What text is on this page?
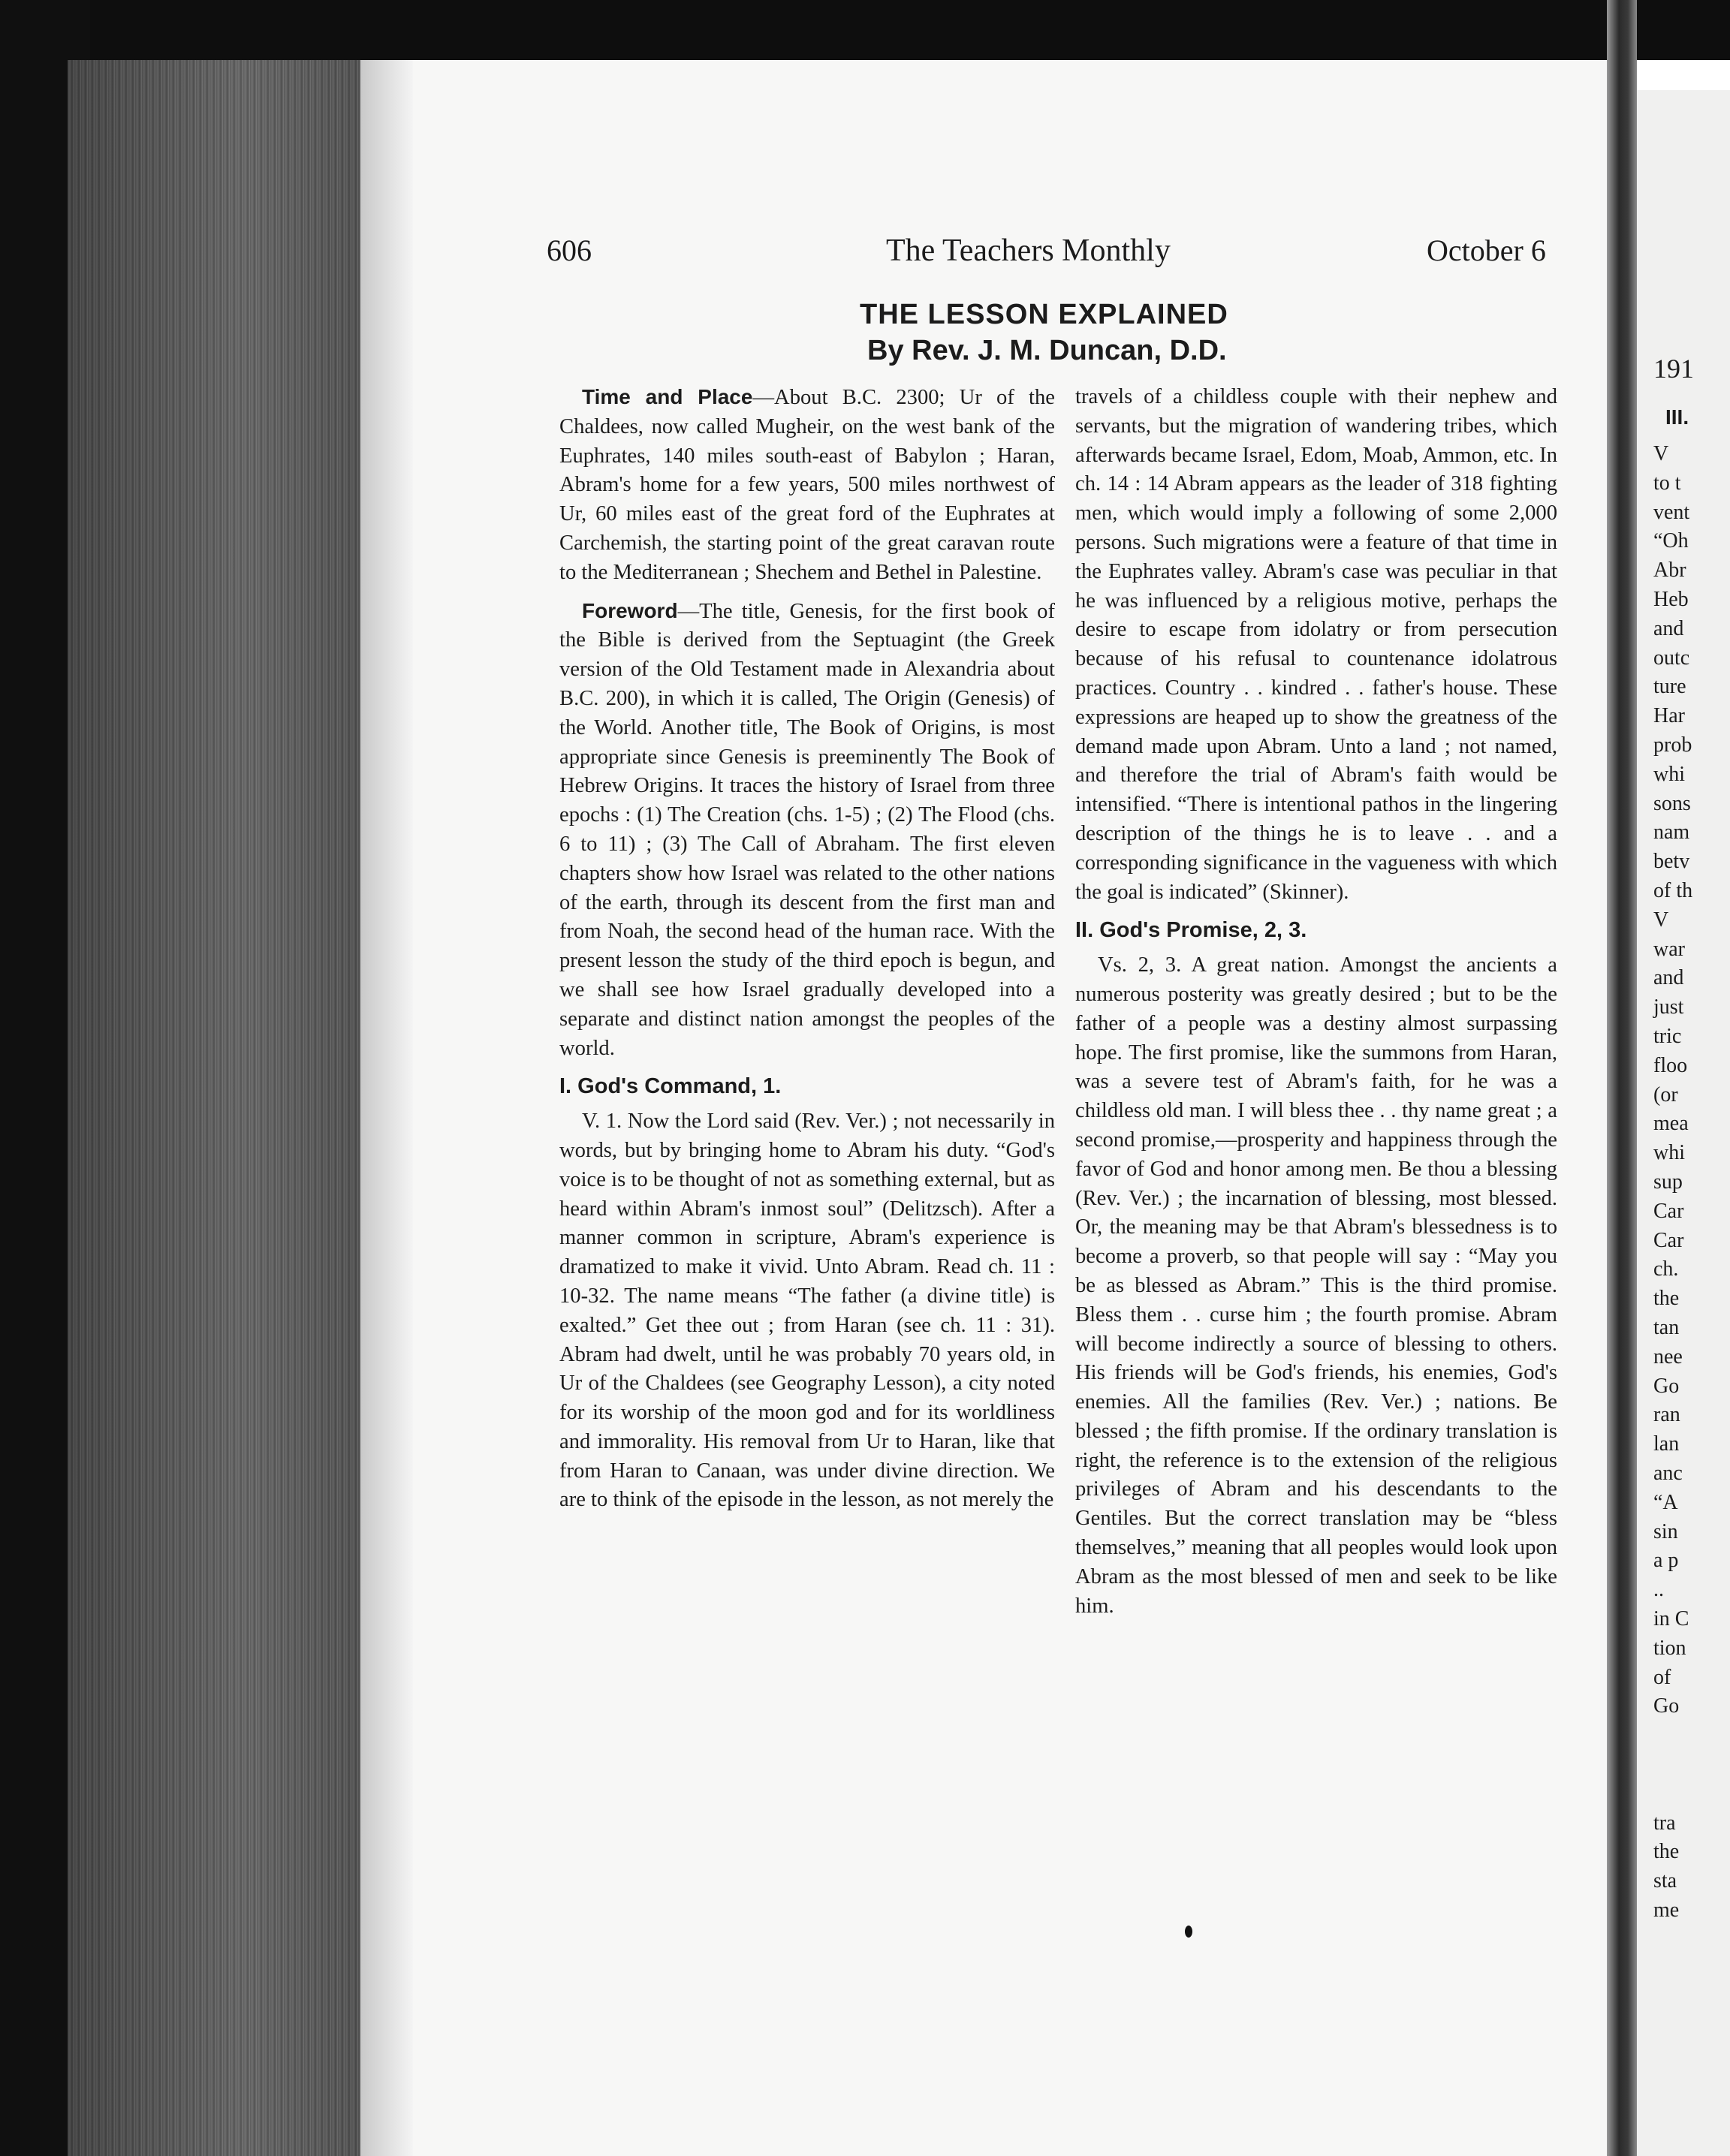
191
III.
V
to t
vent
“Oh
Abr
Heb
and
outc
ture
Har
prob
whi
sons
nam
betv
of th
V
war
and
just
tric
floo
(or
mea
whi
sup
Car
Car
ch.
the
tan
nee
Go
ran
lan
anc
“A
sin
a p
..
in C
tion
of
Go
tra
the
sta
me
606	The Teachers Monthly	October 6
THE LESSON EXPLAINED
By Rev. J. M. Duncan, D.D.

Time and Place—About B.C. 2300; Ur of the Chaldees, now called Mugheir, on the west bank of the Euphrates, 140 miles south-east of Babylon ; Haran, Abram's home for a few years, 500 miles northwest of Ur, 60 miles east of the great ford of the Euphrates at Carchemish, the starting point of the great caravan route to the Mediterranean ; Shechem and Bethel in Palestine.

Foreword—The title, Genesis, for the first book of the Bible is derived from the Septuagint (the Greek version of the Old Testament made in Alexandria about B.C. 200), in which it is called, The Origin (Genesis) of the World. Another title, The Book of Origins, is most appropriate since Genesis is preeminently The Book of Hebrew Origins. It traces the history of Israel from three epochs : (1) The Creation (chs. 1-5) ; (2) The Flood (chs. 6 to 11) ; (3) The Call of Abraham. The first eleven chapters show how Israel was related to the other nations of the earth, through its descent from the first man and from Noah, the second head of the human race. With the present lesson the study of the third epoch is begun, and we shall see how Israel gradually developed into a separate and distinct nation amongst the peoples of the world.

I. God's Command, 1.

V. 1. Now the Lord said (Rev. Ver.) ; not necessarily in words, but by bringing home to Abram his duty. “God's voice is to be thought of not as something external, but as heard within Abram's inmost soul” (Delitzsch). After a manner common in scripture, Abram's experience is dramatized to make it vivid. Unto Abram. Read ch. 11 : 10-32. The name means “The father (a divine title) is exalted.” Get thee out ; from Haran (see ch. 11 : 31). Abram had dwelt, until he was probably 70 years old, in Ur of the Chaldees (see Geography Lesson), a city noted for its worship of the moon god and for its worldliness and immorality. His removal from Ur to Haran, like that from Haran to Canaan, was under divine direction. We are to think of the episode in the lesson, as not merely the

travels of a childless couple with their nephew and servants, but the migration of wandering tribes, which afterwards became Israel, Edom, Moab, Ammon, etc. In ch. 14 : 14 Abram appears as the leader of 318 fighting men, which would imply a following of some 2,000 persons. Such migrations were a feature of that time in the Euphrates valley. Abram's case was peculiar in that he was influenced by a religious motive, perhaps the desire to escape from idolatry or from persecution because of his refusal to countenance idolatrous practices. Country . . kindred . . father's house. These expressions are heaped up to show the greatness of the demand made upon Abram. Unto a land ; not named, and therefore the trial of Abram's faith would be intensified. “There is intentional pathos in the lingering description of the things he is to leave . . and a corresponding significance in the vagueness with which the goal is indicated” (Skinner).

II. God's Promise, 2, 3.

Vs. 2, 3. A great nation. Amongst the ancients a numerous posterity was greatly desired ; but to be the father of a people was a destiny almost surpassing hope. The first promise, like the summons from Haran, was a severe test of Abram's faith, for he was a childless old man. I will bless thee . . thy name great ; a second promise,—prosperity and happiness through the favor of God and honor among men. Be thou a blessing (Rev. Ver.) ; the incarnation of blessing, most blessed. Or, the meaning may be that Abram's blessedness is to become a proverb, so that people will say : “May you be as blessed as Abram.” This is the third promise. Bless them . . curse him ; the fourth promise. Abram will become indirectly a source of blessing to others. His friends will be God's friends, his enemies, God's enemies. All the families (Rev. Ver.) ; nations. Be blessed ; the fifth promise. If the ordinary translation is right, the reference is to the extension of the religious privileges of Abram and his descendants to the Gentiles. But the correct translation may be “bless themselves,” meaning that all peoples would look upon Abram as the most blessed of men and seek to be like him.
